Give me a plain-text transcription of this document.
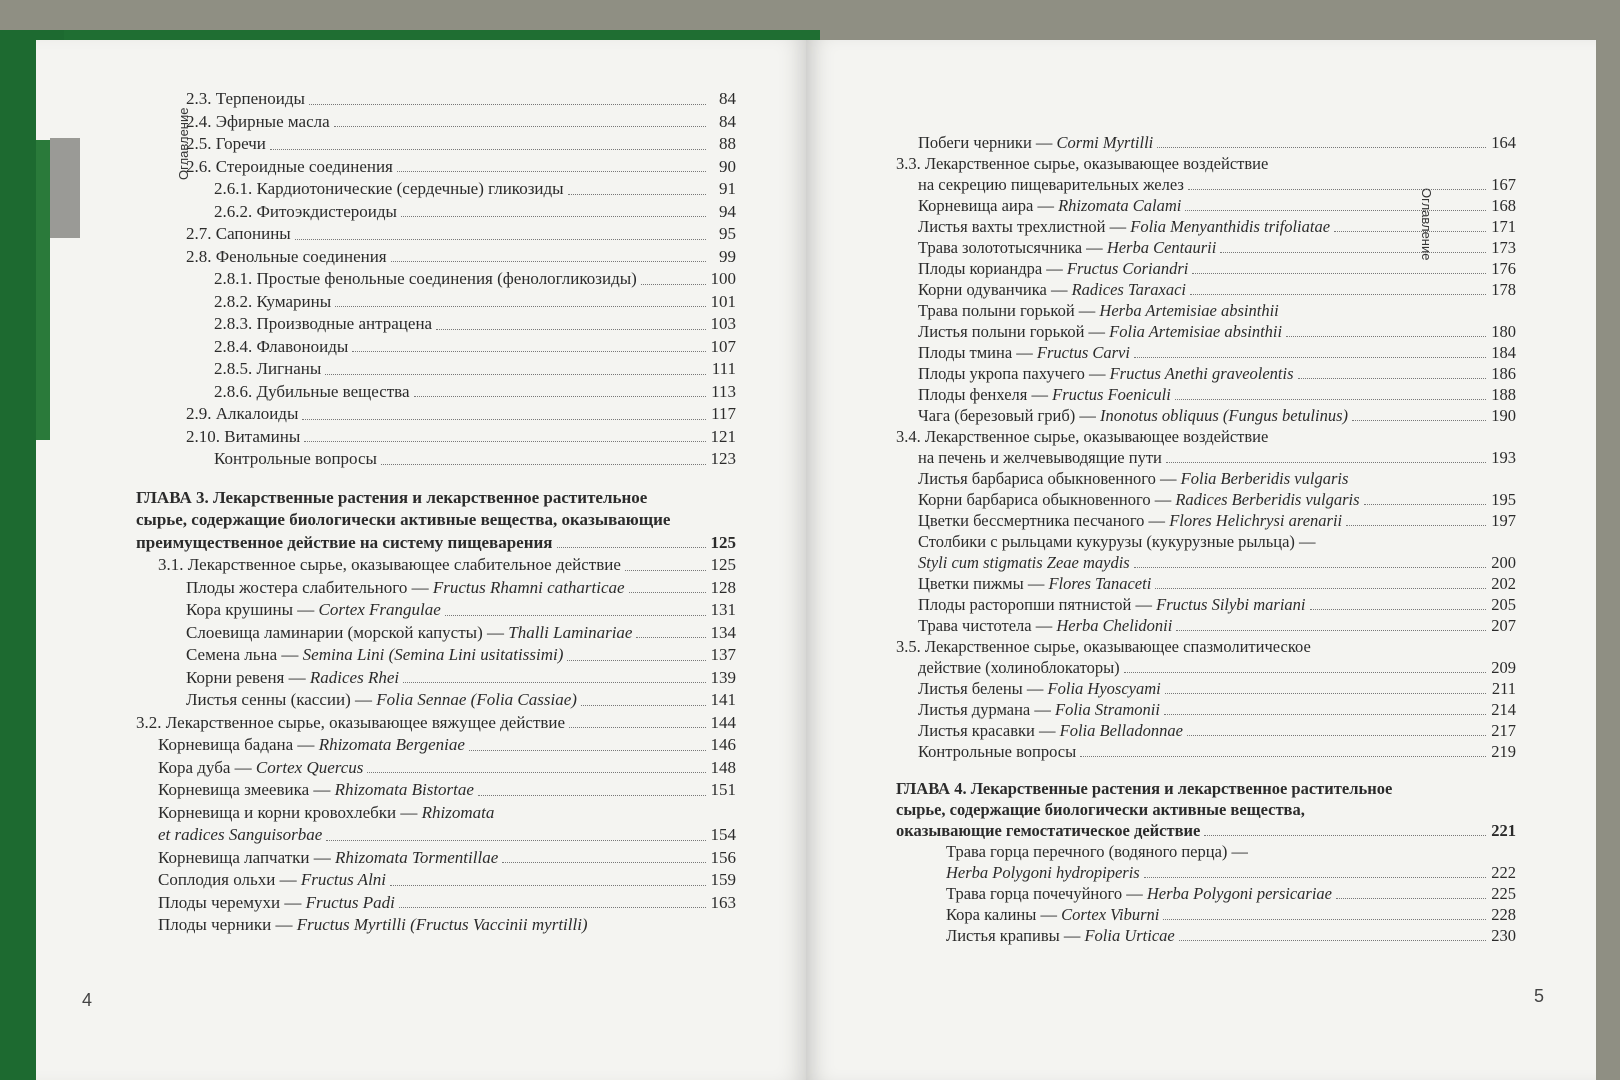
Оглавление
2.3. Терпеноиды	84
2.4. Эфирные масла	84
2.5. Горечи	88
2.6. Стероидные соединения	90
2.6.1. Кардиотонические (сердечные) гликозиды	91
2.6.2. Фитоэкдистероиды	94
2.7. Сапонины	95
2.8. Фенольные соединения	99
2.8.1. Простые фенольные соединения (фенологликозиды)	100
2.8.2. Кумарины	101
2.8.3. Производные антрацена	103
2.8.4. Флавоноиды	107
2.8.5. Лигнаны	111
2.8.6. Дубильные вещества	113
2.9. Алкалоиды	117
2.10. Витамины	121
Контрольные вопросы	123
ГЛАВА 3. Лекарственные растения и лекарственное растительное
сырье, содержащие биологически активные вещества, оказывающие
преимущественное действие на систему пищеварения	125
3.1. Лекарственное сырье, оказывающее слабительное действие	125
Плоды жостера слабительного — Fructus Rhamni catharticae	128
Кора крушины — Cortex Frangulae	131
Слоевища ламинарии (морской капусты) — Thalli Laminariae	134
Семена льна — Semina Lini (Semina Lini usitatissimi)	137
Корни ревеня — Radices Rhei	139
Листья сенны (кассии) — Folia Sennae (Folia Cassiae)	141
3.2. Лекарственное сырье, оказывающее вяжущее действие	144
Корневища бадана — Rhizomata Bergeniae	146
Кора дуба — Cortex Quercus	148
Корневища змеевика — Rhizomata Bistortae	151
Корневища и корни кровохлебки — Rhizomata
et radices Sanguisorbae	154
Корневища лапчатки — Rhizomata Tormentillae	156
Соплодия ольхи — Fructus Alni	159
Плоды черемухи — Fructus Padi	163
Плоды черники — Fructus Myrtilli (Fructus Vaccinii myrtilli)
4
Оглавление
Побеги черники — Cormi Myrtilli	164
3.3. Лекарственное сырье, оказывающее воздействие
на секрецию пищеварительных желез	167
Корневища аира — Rhizomata Calami	168
Листья вахты трехлистной — Folia Menyanthidis trifoliatae	171
Трава золототысячника — Herba Centaurii	173
Плоды кориандра — Fructus Coriandri	176
Корни одуванчика — Radices Taraxaci	178
Трава полыни горькой — Herba Artemisiae absinthii
Листья полыни горькой — Folia Artemisiae absinthii	180
Плоды тмина — Fructus Carvi	184
Плоды укропа пахучего — Fructus Anethi graveolentis	186
Плоды фенхеля — Fructus Foeniculi	188
Чага (березовый гриб) — Inonotus obliquus (Fungus betulinus)	190
3.4. Лекарственное сырье, оказывающее воздействие
на печень и желчевыводящие пути	193
Листья барбариса обыкновенного — Folia Berberidis vulgaris
Корни барбариса обыкновенного — Radices Berberidis vulgaris	195
Цветки бессмертника песчаного — Flores Helichrysi arenarii	197
Столбики с рыльцами кукурузы (кукурузные рыльца) —
Styli cum stigmatis Zeae maydis	200
Цветки пижмы — Flores Tanaceti	202
Плоды расторопши пятнистой — Fructus Silybi mariani	205
Трава чистотела — Herba Chelidonii	207
3.5. Лекарственное сырье, оказывающее спазмолитическое
действие (холиноблокаторы)	209
Листья белены — Folia Hyoscyami	211
Листья дурмана — Folia Stramonii	214
Листья красавки — Folia Belladonnae	217
Контрольные вопросы	219
ГЛАВА 4. Лекарственные растения и лекарственное растительное
сырье, содержащие биологически активные вещества,
оказывающие гемостатическое действие	221
Трава горца перечного (водяного перца) —
Herba Polygoni hydropiperis	222
Трава горца почечуйного — Herba Polygoni persicariae	225
Кора калины — Cortex Viburni	228
Листья крапивы — Folia Urticae	230
5
